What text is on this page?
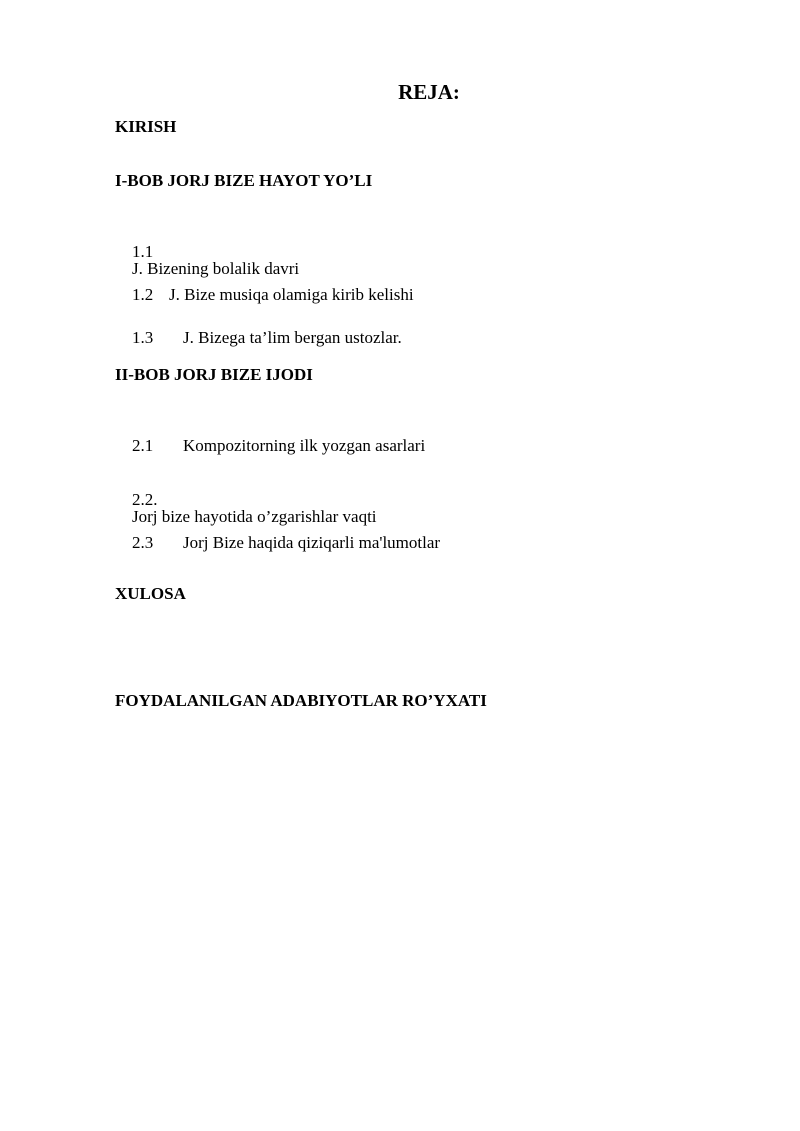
REJA:
KIRISH
I-BOB JORJ BIZE HAYOT YO’LI

1.1
J. Bizening bolalik davri

1.2 J. Bize musiqa olamiga kirib kelishi

1.3 J. Bizega ta’lim bergan ustozlar.

II-BOB JORJ BIZE IJODI

2.1 Kompozitorning ilk yozgan asarlari

2.2.
Jorj bize hayotida o’zgarishlar vaqti

2.3 Jorj Bize haqida qiziqarli ma'lumotlar

XULOSA
FOYDALANILGAN ADABIYOTLAR RO’YXATI
